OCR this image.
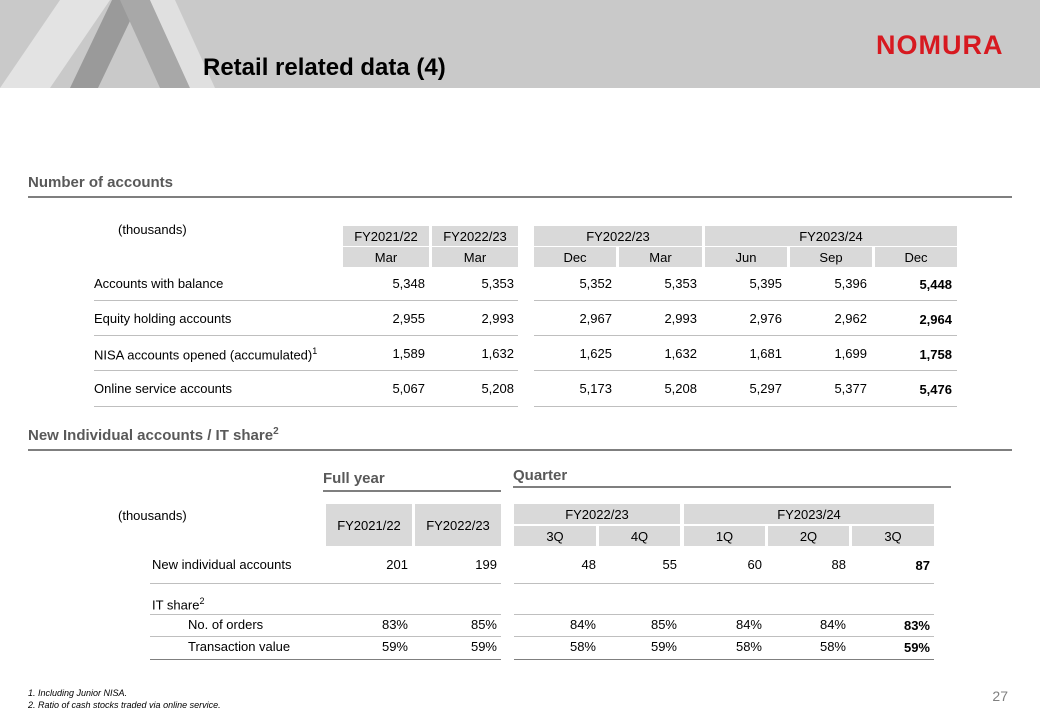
Retail related data (4)
NOMURA
Number of accounts
(thousands)	FY2021/22	FY2022/23
Mar	Mar
FY2022/23	FY2023/24
Dec	Mar	Jun	Sep	Dec
Accounts with balance	5,348	5,353	5,352	5,353	5,395	5,396	5,448
Equity holding accounts	2,955	2,993	2,967	2,993	2,976	2,962	2,964
NISA accounts opened (accumulated)$^1$	1,589	1,632	1,625	1,632	1,681	1,699	1,758
Online service accounts	5,067	5,208	5,173	5,208	5,297	5,377	5,476
New Individual accounts / IT share$^2$
Full year	Quarter
(thousands)
FY2021/22	FY2022/23
FY2022/23	FY2023/24
3Q	4Q	1Q	2Q	3Q
New individual accounts	201	199	48	55	60	88	87
IT share$^2$
No. of orders	83%	85%	84%	85%	84%	84%	83%
Transaction value	59%	59%	58%	59%	58%	58%	59%
1. Including Junior NISA.
2. Ratio of cash stocks traded via online service.
27
